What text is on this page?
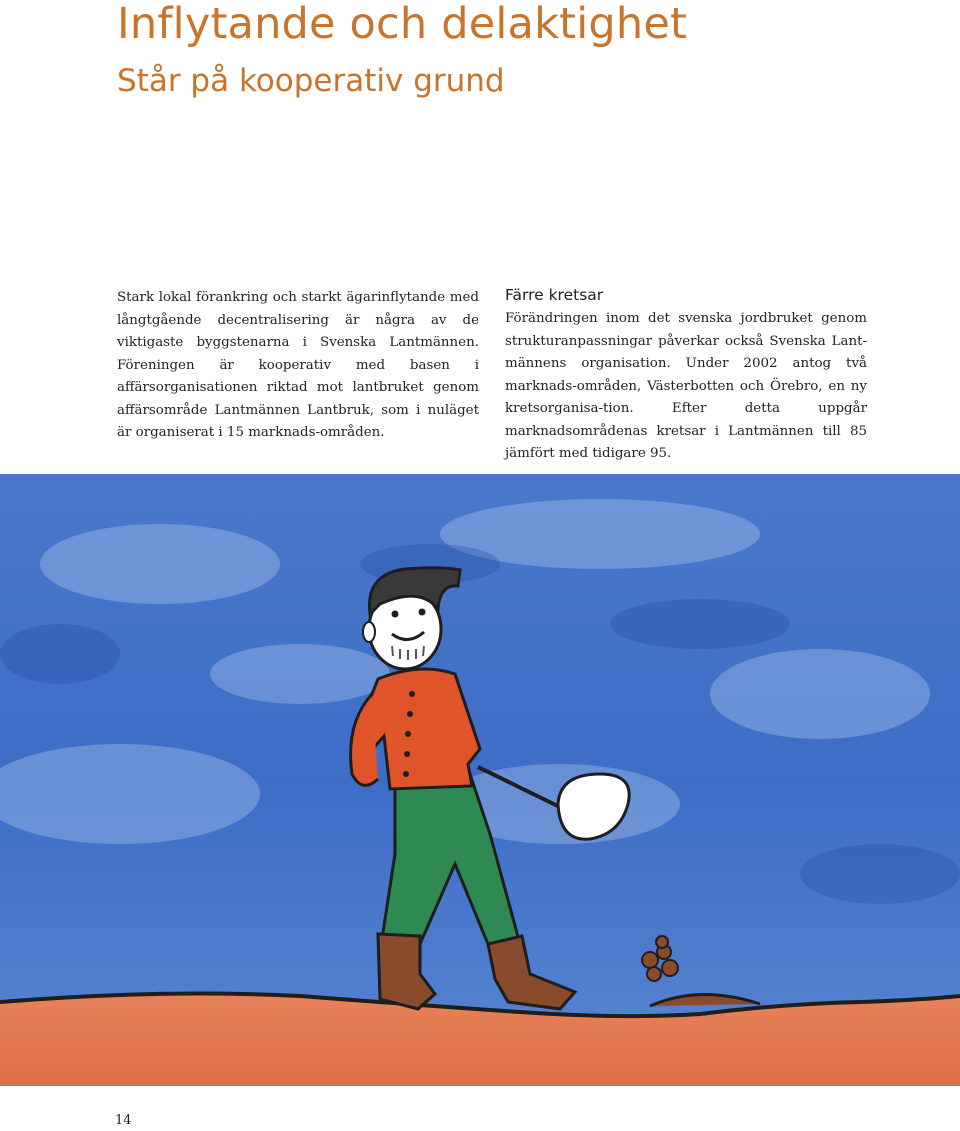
Inflytande och delaktighet
Står på kooperativ grund

Stark lokal förankring och starkt ägarinflytande med långtgående decentralisering är några av de viktigaste byggstenarna i Svenska Lantmännen. Föreningen är kooperativ med basen i affärsorganisationen riktad mot lantbruket genom affärsområde Lantmännen Lantbruk, som i nuläget är organiserat i 15 marknads-områden.

Färre kretsar

Förändringen inom det svenska jordbruket genom strukturanpassningar påverkar också Svenska Lant-männens organisation. Under 2002 antog två marknads-områden, Västerbotten och Örebro, en ny kretsorganisa-tion. Efter detta uppgår marknadsområdenas kretsar i Lantmännen till 85 jämfört med tidigare 95.

14
